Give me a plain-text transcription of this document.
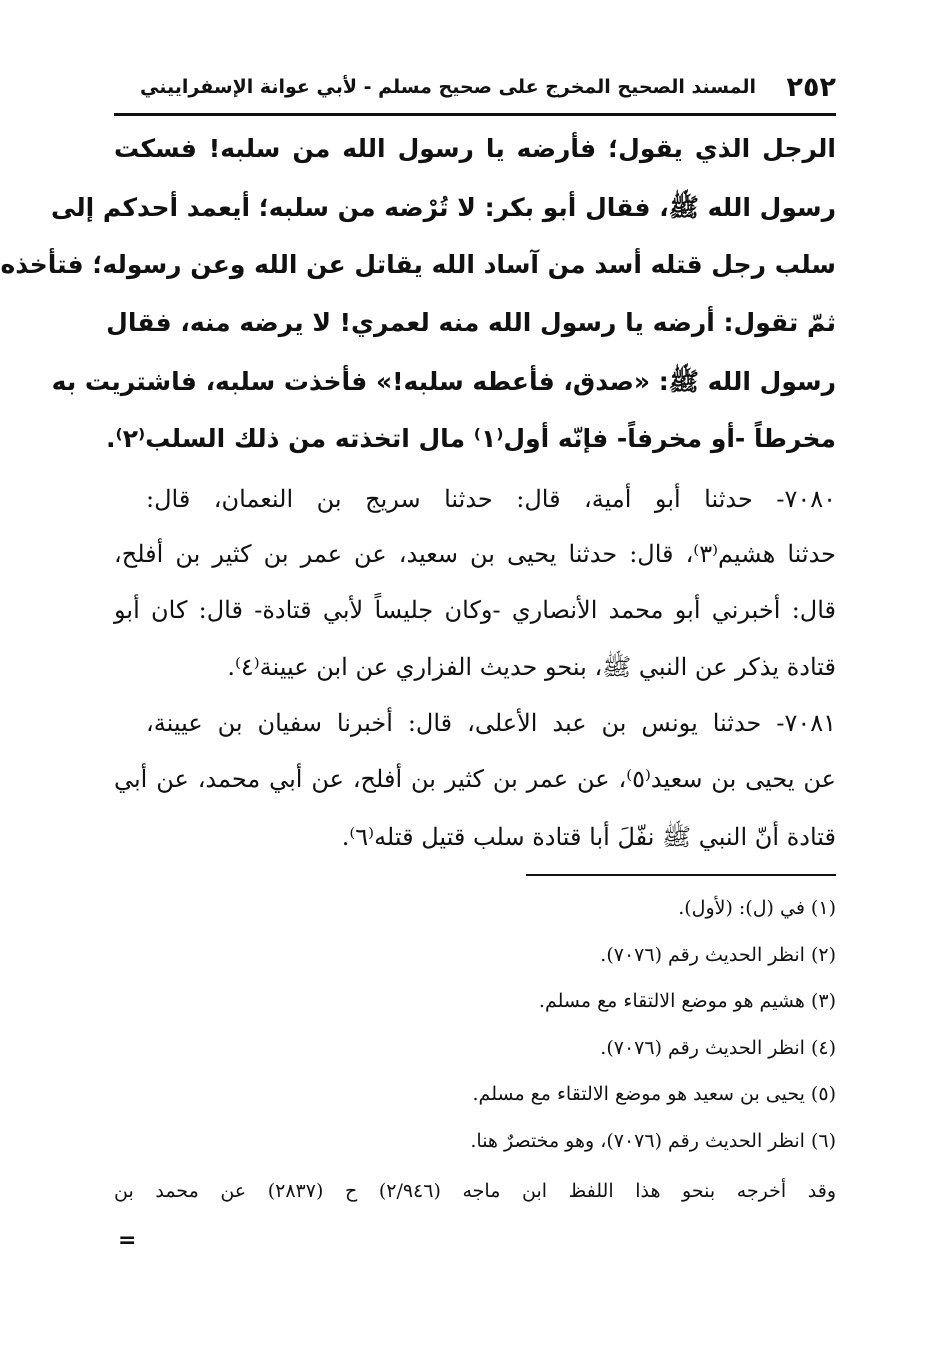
٢٥٢
المسند الصحيح المخرج على صحيح مسلم - لأبي عوانة الإسفراييني
الرجل الذي يقول؛ فأرضه يا رسول الله من سلبه! فسكت
رسول الله ﷺ، فقال أبو بكر: لا تُرْضه من سلبه؛ أيعمد أحدكم إلى
سلب رجل قتله أسد من آساد الله يقاتل عن الله وعن رسوله؛ فتأخذه
ثمّ تقول: أرضه يا رسول الله منه لعمري! لا يرضه منه، فقال
رسول الله ﷺ: «صدق، فأعطه سلبه!» فأخذت سلبه، فاشتريت به
مخرطاً -أو مخرفاً- فإنّه أول⁽١⁾ مال اتخذته من ذلك السلب⁽٢⁾.
٧٠٨٠- حدثنا أبو أمية، قال: حدثنا سريج بن النعمان، قال:
حدثنا هشيم⁽٣⁾، قال: حدثنا يحيى بن سعيد، عن عمر بن كثير بن أفلح،
قال: أخبرني أبو محمد الأنصاري -وكان جليساً لأبي قتادة- قال: كان أبو
قتادة يذكر عن النبي ﷺ، بنحو حديث الفزاري عن ابن عيينة⁽٤⁾.
٧٠٨١- حدثنا يونس بن عبد الأعلى، قال: أخبرنا سفيان بن عيينة،
عن يحيى بن سعيد⁽٥⁾، عن عمر بن كثير بن أفلح، عن أبي محمد، عن أبي
قتادة أنّ النبي ﷺ نفّلَ أبا قتادة سلب قتيل قتله⁽٦⁾.
(١) في (ل): (لأول).
(٢) انظر الحديث رقم (٧٠٧٦).
(٣) هشيم هو موضع الالتقاء مع مسلم.
(٤) انظر الحديث رقم (٧٠٧٦).
(٥) يحيى بن سعيد هو موضع الالتقاء مع مسلم.
(٦) انظر الحديث رقم (٧٠٧٦)، وهو مختصرٌ هنا.
وقد أخرجه بنحو هذا اللفظ ابن ماجه (٢/٩٤٦) ح (٢٨٣٧) عن محمد بن
=
